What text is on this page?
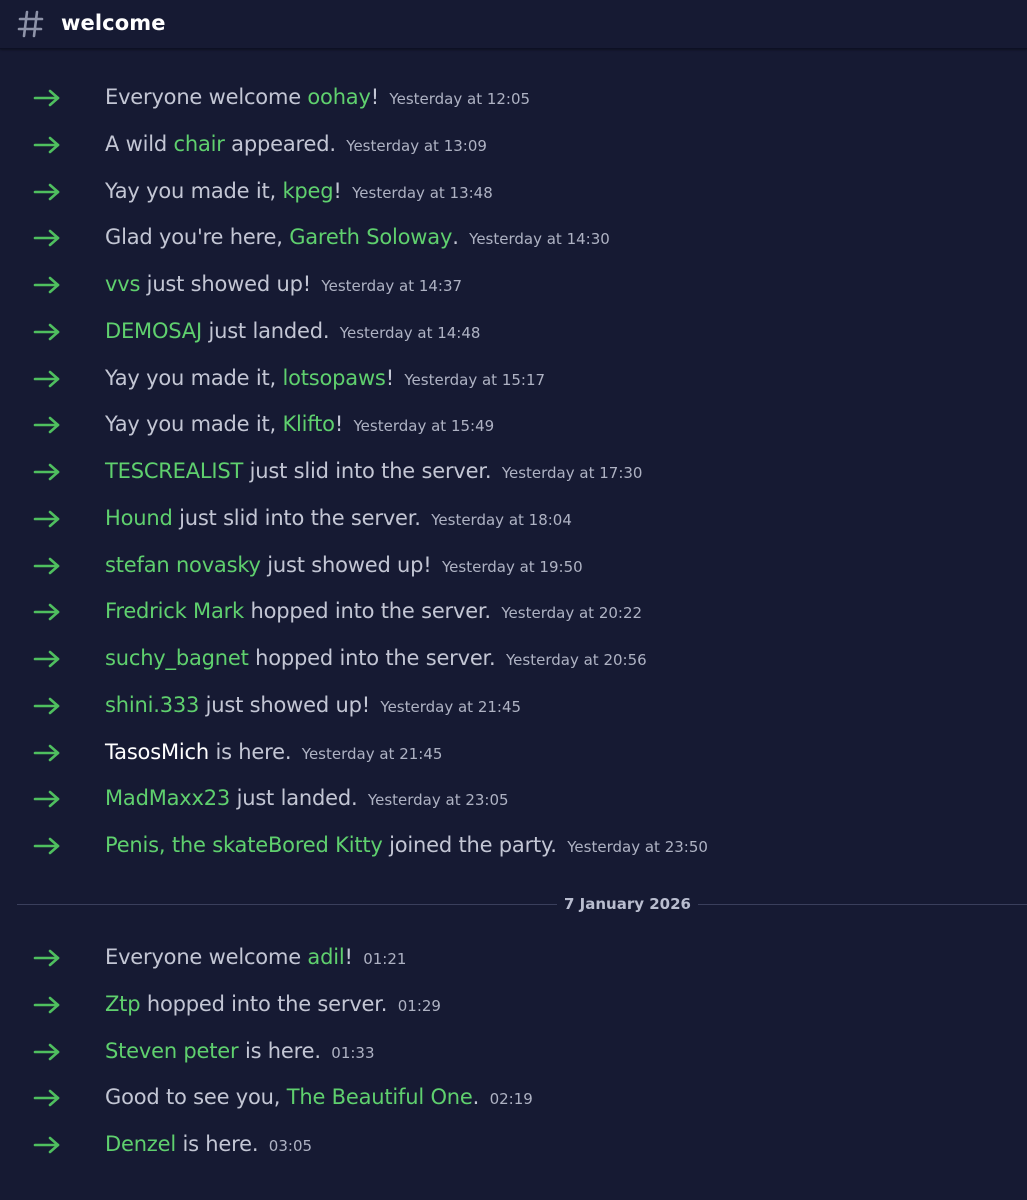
welcome
Everyone welcome oohay! Yesterday at 12:05
A wild chair appeared. Yesterday at 13:09
Yay you made it, kpeg! Yesterday at 13:48
Glad you're here, Gareth Soloway. Yesterday at 14:30
vvs just showed up! Yesterday at 14:37
DEMOSAJ just landed. Yesterday at 14:48
Yay you made it, lotsopaws! Yesterday at 15:17
Yay you made it, Klifto! Yesterday at 15:49
TESCREALIST just slid into the server. Yesterday at 17:30
Hound just slid into the server. Yesterday at 18:04
stefan novasky just showed up! Yesterday at 19:50
Fredrick Mark hopped into the server. Yesterday at 20:22
suchy_bagnet hopped into the server. Yesterday at 20:56
shini.333 just showed up! Yesterday at 21:45
TasosMich is here. Yesterday at 21:45
MadMaxx23 just landed. Yesterday at 23:05
Penis, the skateBored Kitty joined the party. Yesterday at 23:50
7 January 2026
Everyone welcome adil! 01:21
Ztp hopped into the server. 01:29
Steven peter is here. 01:33
Good to see you, The Beautiful One. 02:19
Denzel is here. 03:05
